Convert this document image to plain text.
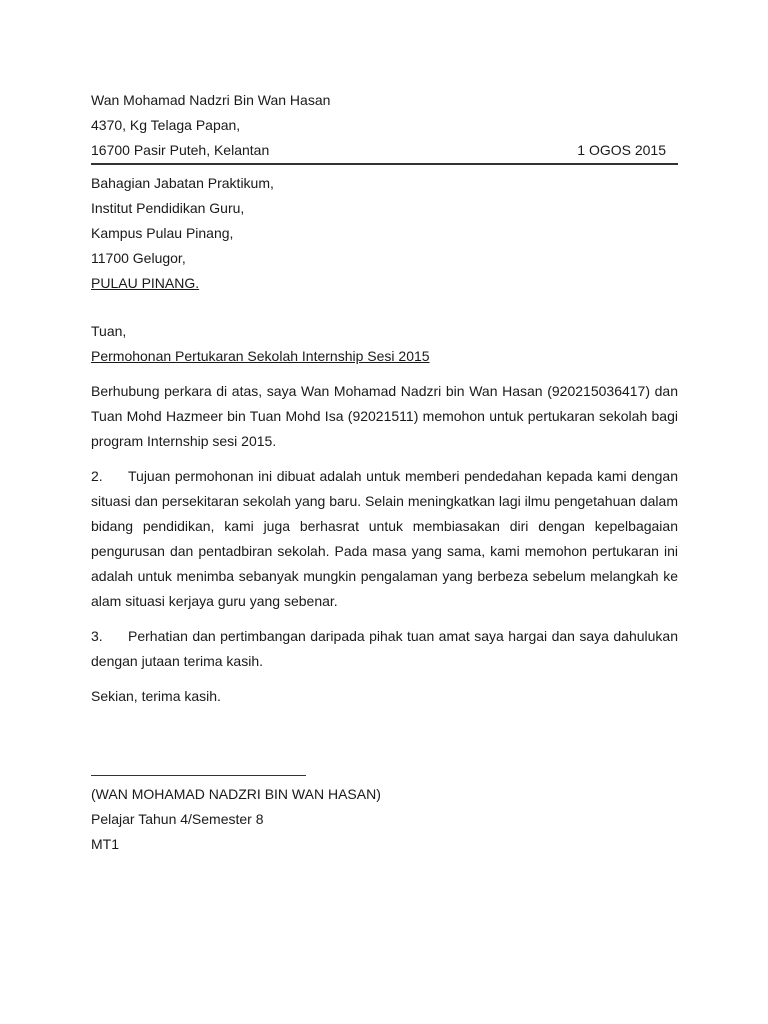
Wan Mohamad Nadzri Bin Wan Hasan
4370, Kg Telaga Papan,
16700 Pasir Puteh, Kelantan	1 OGOS 2015
Bahagian Jabatan Praktikum,
Institut Pendidikan Guru,
Kampus Pulau Pinang,
11700 Gelugor,
PULAU PINANG.
Tuan,
Permohonan Pertukaran Sekolah Internship Sesi 2015

Berhubung perkara di atas, saya Wan Mohamad Nadzri bin Wan Hasan (920215036417) dan Tuan Mohd Hazmeer bin Tuan Mohd Isa (92021511) memohon untuk pertukaran sekolah bagi program Internship sesi 2015.

2. Tujuan permohonan ini dibuat adalah untuk memberi pendedahan kepada kami dengan situasi dan persekitaran sekolah yang baru. Selain meningkatkan lagi ilmu pengetahuan dalam bidang pendidikan, kami juga berhasrat untuk membiasakan diri dengan kepelbagaian pengurusan dan pentadbiran sekolah. Pada masa yang sama, kami memohon pertukaran ini adalah untuk menimba sebanyak mungkin pengalaman yang berbeza sebelum melangkah ke alam situasi kerjaya guru yang sebenar.

3. Perhatian dan pertimbangan daripada pihak tuan amat saya hargai dan saya dahulukan dengan jutaan terima kasih.

Sekian, terima kasih.
(WAN MOHAMAD NADZRI BIN WAN HASAN)
Pelajar Tahun 4/Semester 8
MT1
